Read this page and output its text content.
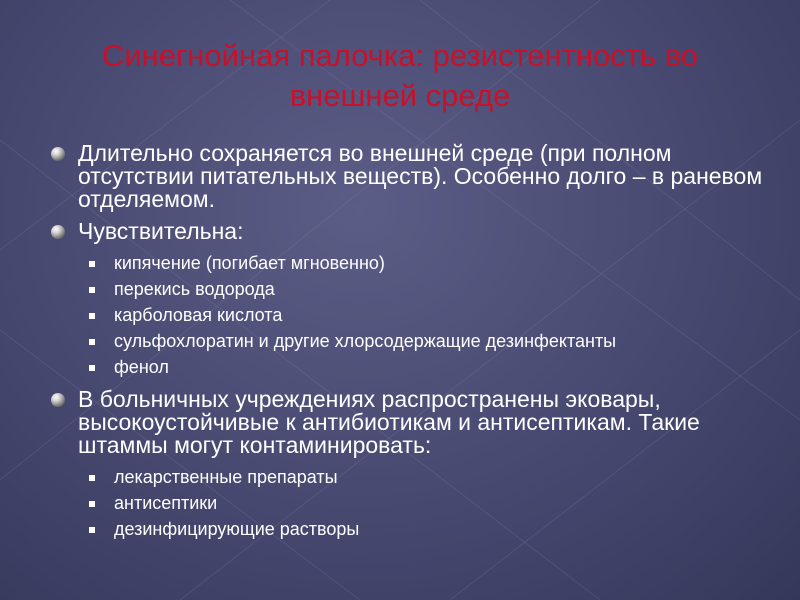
Синегнойная палочка: резистентность во внешней среде
Длительно сохраняется во внешней среде (при полном отсутствии питательных веществ). Особенно долго – в раневом отделяемом.
Чувствительна:
кипячение (погибает мгновенно)
перекись водорода
карболовая кислота
сульфохлоратин и другие хлорсодержащие дезинфектанты
фенол
В больничных учреждениях распространены эковары, высокоустойчивые к антибиотикам и антисептикам. Такие штаммы могут контаминировать:
лекарственные препараты
антисептики
дезинфицирующие растворы
